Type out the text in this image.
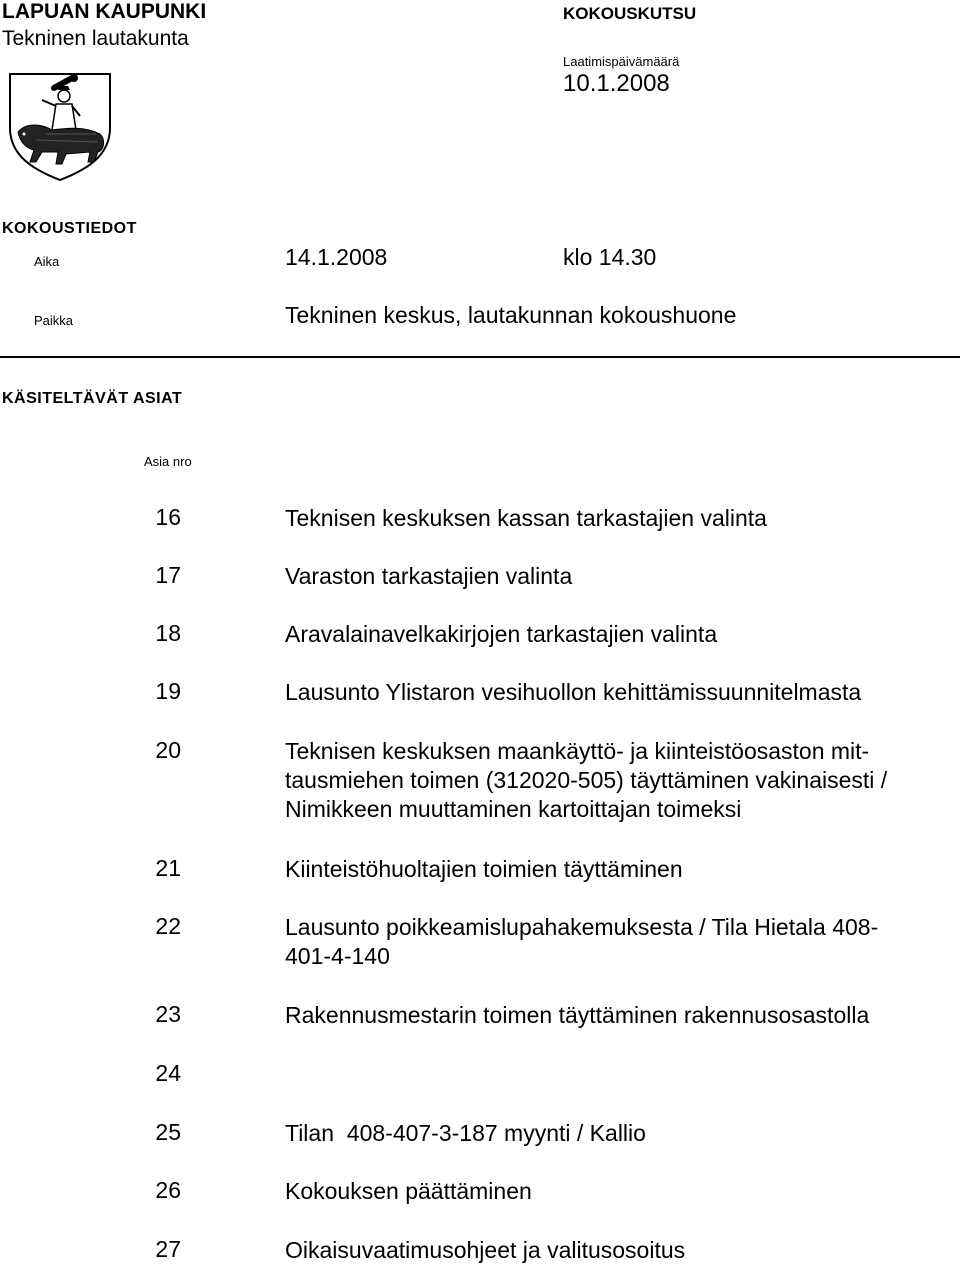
LAPUAN KAUPUNKI
Tekninen lautakunta
KOKOUSKUTSU
Laatimispäivämäärä
10.1.2008
KOKOUSTIEDOT
Aika	14.1.2008	klo 14.30
Paikka	Tekninen keskus, lautakunnan kokoushuone
KÄSITELTÄVÄT ASIAT
Asia nro
16	Teknisen keskuksen kassan tarkastajien valinta
17	Varaston tarkastajien valinta
18	Aravalainavelkakirjojen tarkastajien valinta
19	Lausunto Ylistaron vesihuollon kehittämissuunnitelmasta
20	Teknisen keskuksen maankäyttö- ja kiinteistöosaston mit-
tausmiehen toimen (312020-505) täyttäminen vakinaisesti /
Nimikkeen muuttaminen kartoittajan toimeksi
21	Kiinteistöhuoltajien toimien täyttäminen
22	Lausunto poikkeamislupahakemuksesta / Tila Hietala 408-
401-4-140
23	Rakennusmestarin toimen täyttäminen rakennusosastolla
24
25	Tilan  408-407-3-187 myynti / Kallio
26	Kokouksen päättäminen
27	Oikaisuvaatimusohjeet ja valitusosoitus
